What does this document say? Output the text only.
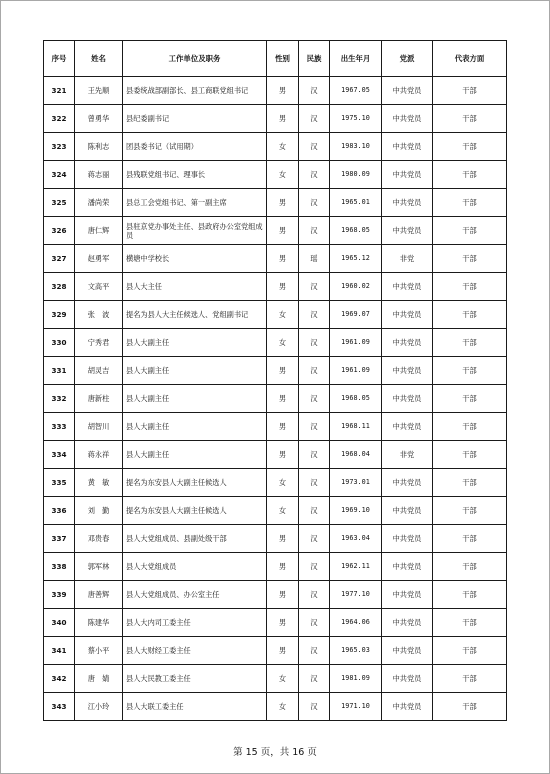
序号	姓名	工作单位及职务	性别	民族	出生年月	党派	代表方面
321	王先顺	县委统战部副部长、县工商联党组书记	男	汉	1967.05	中共党员	干部
322	曾勇华	县纪委副书记	男	汉	1975.10	中共党员	干部
323	陈利志	团县委书记（试用期）	女	汉	1983.10	中共党员	干部
324	蒋志丽	县残联党组书记、理事长	女	汉	1980.09	中共党员	干部
325	潘尚荣	县总工会党组书记、第一副主席	男	汉	1965.01	中共党员	干部
326	唐仁辉	县驻京党办事处主任、县政府办公室党组成员	男	汉	1968.05	中共党员	干部
327	赵勇军	横塘中学校长	男	瑶	1965.12	非党	干部
328	文高平	县人大主任	男	汉	1960.02	中共党员	干部
329	张　波	提名为县人大主任候选人、党组副书记	女	汉	1969.07	中共党员	干部
330	宁秀君	县人大副主任	女	汉	1961.09	中共党员	干部
331	胡灵吉	县人大副主任	男	汉	1961.09	中共党员	干部
332	唐新柱	县人大副主任	男	汉	1968.05	中共党员	干部
333	胡智川	县人大副主任	男	汉	1968.11	中共党员	干部
334	蒋永祥	县人大副主任	男	汉	1968.04	非党	干部
335	黄　敏	提名为东安县人大副主任候选人	女	汉	1973.01	中共党员	干部
336	刘　勤	提名为东安县人大副主任候选人	女	汉	1969.10	中共党员	干部
337	邓贵春	县人大党组成员、县副处级干部	男	汉	1963.04	中共党员	干部
338	郭军林	县人大党组成员	男	汉	1962.11	中共党员	干部
339	唐善辉	县人大党组成员、办公室主任	男	汉	1977.10	中共党员	干部
340	陈建华	县人大内司工委主任	男	汉	1964.06	中共党员	干部
341	蔡小平	县人大财经工委主任	男	汉	1965.03	中共党员	干部
342	唐　婧	县人大民教工委主任	女	汉	1981.09	中共党员	干部
343	江小玲	县人大联工委主任	女	汉	1971.10	中共党员	干部
第 15 页，共 16 页
